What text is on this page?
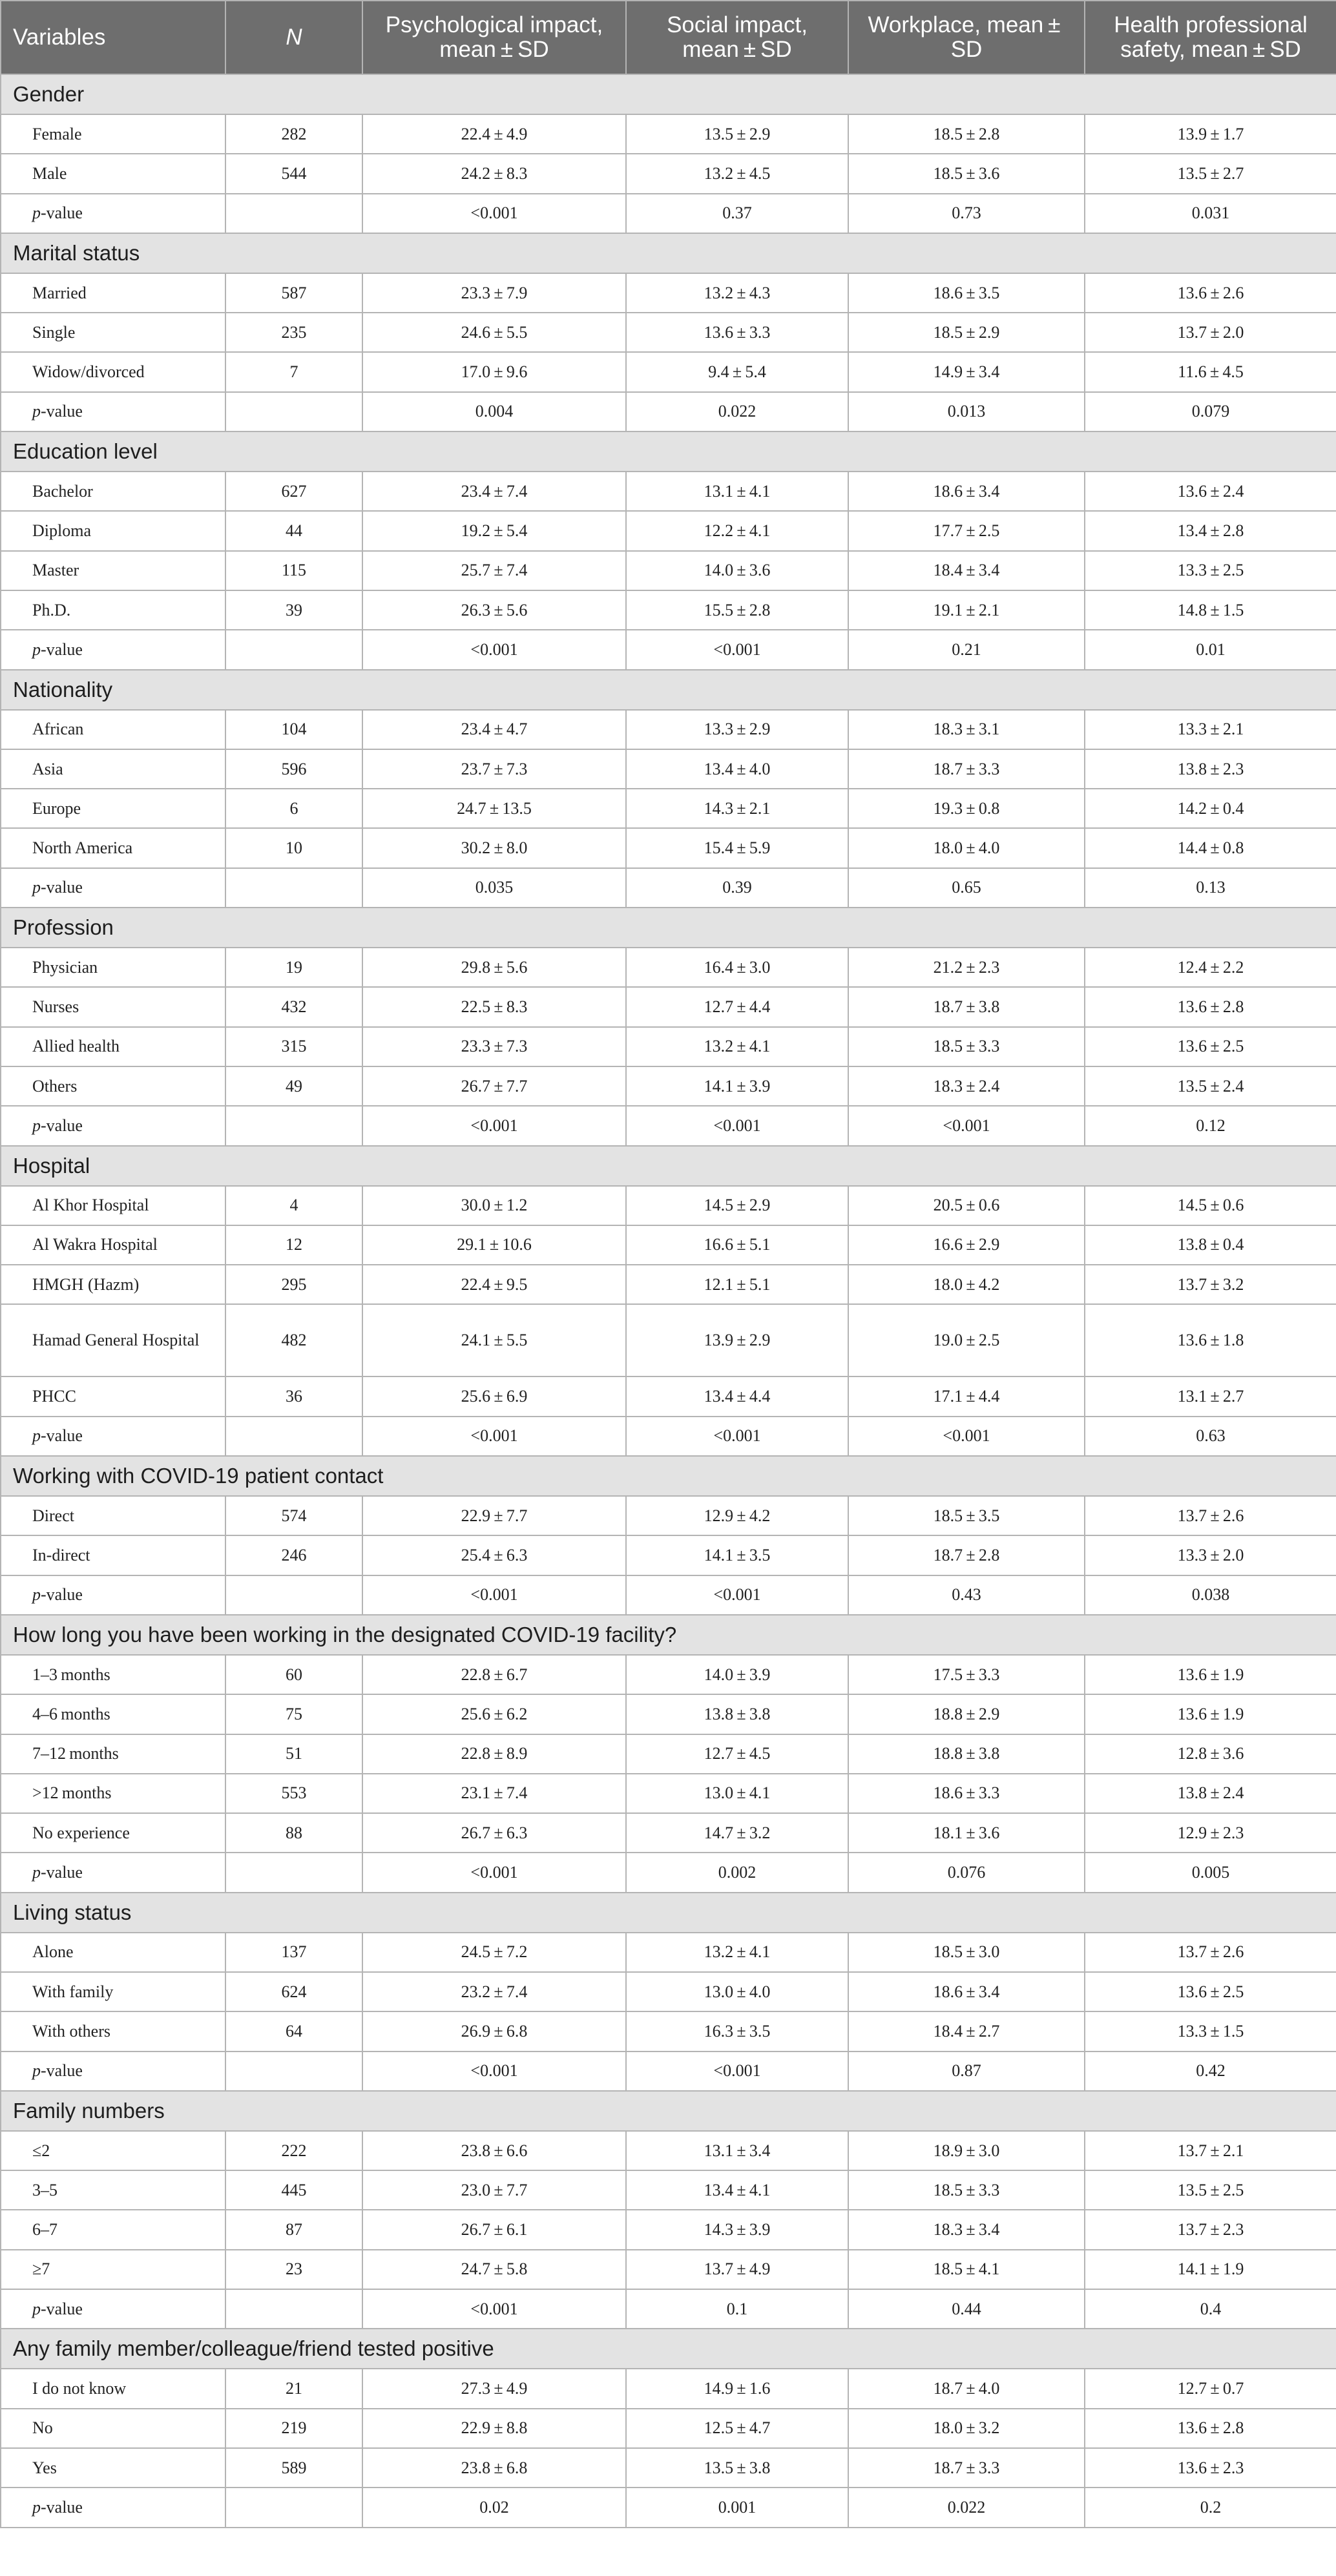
Variables	N	Psychological impact, mean ± SD	Social impact, mean ± SD	Workplace, mean ± SD	Health professional safety, mean ± SD
Gender					
Female	282	22.4 ± 4.9	13.5 ± 2.9	18.5 ± 2.8	13.9 ± 1.7
Male	544	24.2 ± 8.3	13.2 ± 4.5	18.5 ± 3.6	13.5 ± 2.7
p-value		<0.001	0.37	0.73	0.031
Marital status					
Married	587	23.3 ± 7.9	13.2 ± 4.3	18.6 ± 3.5	13.6 ± 2.6
Single	235	24.6 ± 5.5	13.6 ± 3.3	18.5 ± 2.9	13.7 ± 2.0
Widow/divorced	7	17.0 ± 9.6	9.4 ± 5.4	14.9 ± 3.4	11.6 ± 4.5
p-value		0.004	0.022	0.013	0.079
Education level					
Bachelor	627	23.4 ± 7.4	13.1 ± 4.1	18.6 ± 3.4	13.6 ± 2.4
Diploma	44	19.2 ± 5.4	12.2 ± 4.1	17.7 ± 2.5	13.4 ± 2.8
Master	115	25.7 ± 7.4	14.0 ± 3.6	18.4 ± 3.4	13.3 ± 2.5
Ph.D.	39	26.3 ± 5.6	15.5 ± 2.8	19.1 ± 2.1	14.8 ± 1.5
p-value		<0.001	<0.001	0.21	0.01
Nationality					
African	104	23.4 ± 4.7	13.3 ± 2.9	18.3 ± 3.1	13.3 ± 2.1
Asia	596	23.7 ± 7.3	13.4 ± 4.0	18.7 ± 3.3	13.8 ± 2.3
Europe	6	24.7 ± 13.5	14.3 ± 2.1	19.3 ± 0.8	14.2 ± 0.4
North America	10	30.2 ± 8.0	15.4 ± 5.9	18.0 ± 4.0	14.4 ± 0.8
p-value		0.035	0.39	0.65	0.13
Profession					
Physician	19	29.8 ± 5.6	16.4 ± 3.0	21.2 ± 2.3	12.4 ± 2.2
Nurses	432	22.5 ± 8.3	12.7 ± 4.4	18.7 ± 3.8	13.6 ± 2.8
Allied health	315	23.3 ± 7.3	13.2 ± 4.1	18.5 ± 3.3	13.6 ± 2.5
Others	49	26.7 ± 7.7	14.1 ± 3.9	18.3 ± 2.4	13.5 ± 2.4
p-value		<0.001	<0.001	<0.001	0.12
Hospital					
Al Khor Hospital	4	30.0 ± 1.2	14.5 ± 2.9	20.5 ± 0.6	14.5 ± 0.6
Al Wakra Hospital	12	29.1 ± 10.6	16.6 ± 5.1	16.6 ± 2.9	13.8 ± 0.4
HMGH (Hazm)	295	22.4 ± 9.5	12.1 ± 5.1	18.0 ± 4.2	13.7 ± 3.2
Hamad General Hospital	482	24.1 ± 5.5	13.9 ± 2.9	19.0 ± 2.5	13.6 ± 1.8
PHCC	36	25.6 ± 6.9	13.4 ± 4.4	17.1 ± 4.4	13.1 ± 2.7
p-value		<0.001	<0.001	<0.001	0.63
Working with COVID-19 patient contact					
Direct	574	22.9 ± 7.7	12.9 ± 4.2	18.5 ± 3.5	13.7 ± 2.6
In-direct	246	25.4 ± 6.3	14.1 ± 3.5	18.7 ± 2.8	13.3 ± 2.0
p-value		<0.001	<0.001	0.43	0.038
How long you have been working in the designated COVID-19 facility?					
1–3 months	60	22.8 ± 6.7	14.0 ± 3.9	17.5 ± 3.3	13.6 ± 1.9
4–6 months	75	25.6 ± 6.2	13.8 ± 3.8	18.8 ± 2.9	13.6 ± 1.9
7–12 months	51	22.8 ± 8.9	12.7 ± 4.5	18.8 ± 3.8	12.8 ± 3.6
>12 months	553	23.1 ± 7.4	13.0 ± 4.1	18.6 ± 3.3	13.8 ± 2.4
No experience	88	26.7 ± 6.3	14.7 ± 3.2	18.1 ± 3.6	12.9 ± 2.3
p-value		<0.001	0.002	0.076	0.005
Living status					
Alone	137	24.5 ± 7.2	13.2 ± 4.1	18.5 ± 3.0	13.7 ± 2.6
With family	624	23.2 ± 7.4	13.0 ± 4.0	18.6 ± 3.4	13.6 ± 2.5
With others	64	26.9 ± 6.8	16.3 ± 3.5	18.4 ± 2.7	13.3 ± 1.5
p-value		<0.001	<0.001	0.87	0.42
Family numbers					
≤2	222	23.8 ± 6.6	13.1 ± 3.4	18.9 ± 3.0	13.7 ± 2.1
3–5	445	23.0 ± 7.7	13.4 ± 4.1	18.5 ± 3.3	13.5 ± 2.5
6–7	87	26.7 ± 6.1	14.3 ± 3.9	18.3 ± 3.4	13.7 ± 2.3
≥7	23	24.7 ± 5.8	13.7 ± 4.9	18.5 ± 4.1	14.1 ± 1.9
p-value		<0.001	0.1	0.44	0.4
Any family member/colleague/friend tested positive					
I do not know	21	27.3 ± 4.9	14.9 ± 1.6	18.7 ± 4.0	12.7 ± 0.7
No	219	22.9 ± 8.8	12.5 ± 4.7	18.0 ± 3.2	13.6 ± 2.8
Yes	589	23.8 ± 6.8	13.5 ± 3.8	18.7 ± 3.3	13.6 ± 2.3
p-value		0.02	0.001	0.022	0.2
